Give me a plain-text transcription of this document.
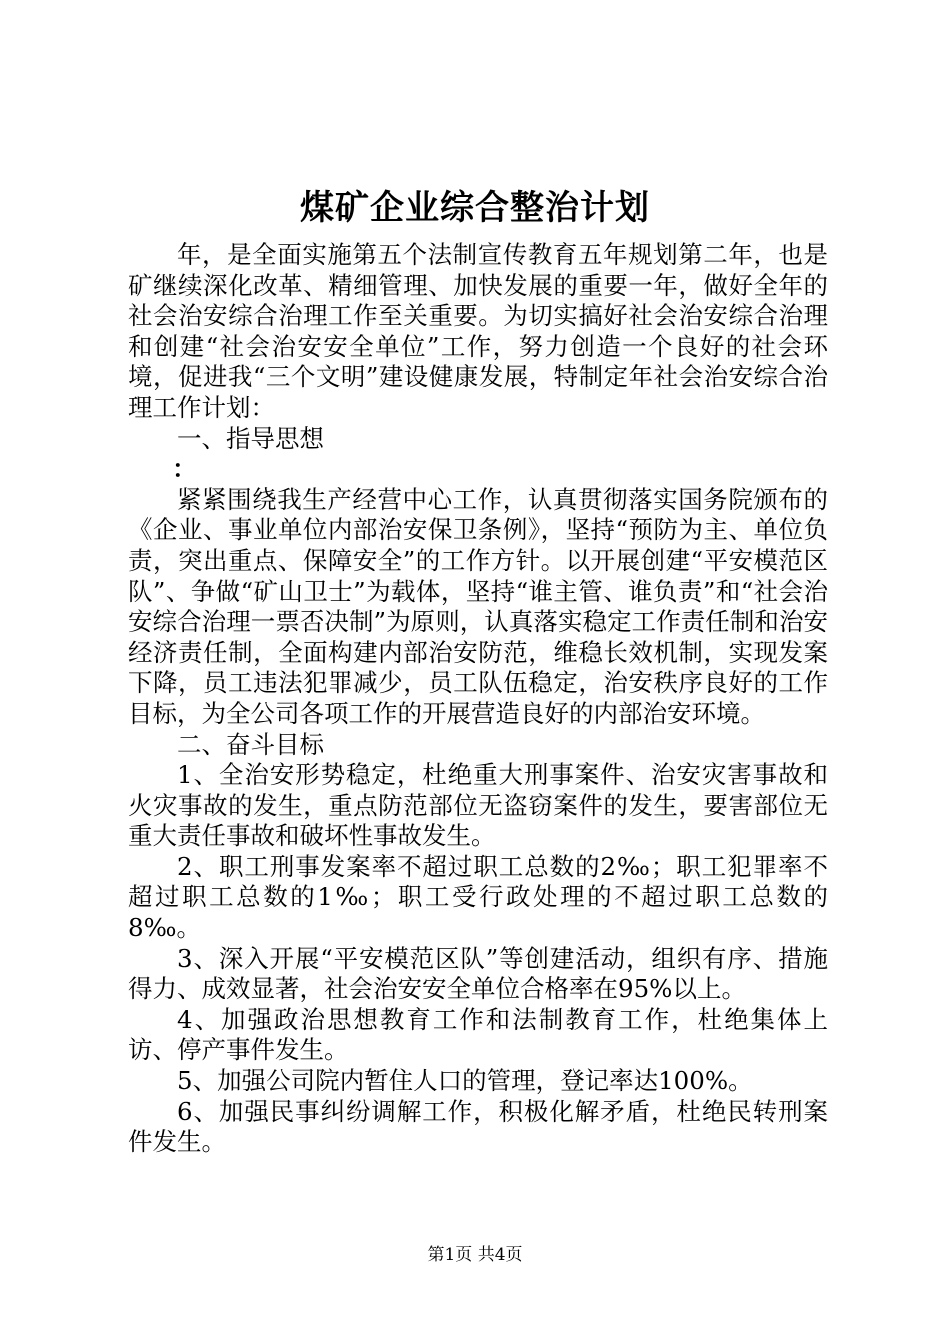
煤矿企业综合整治计划

年，是全面实施第五个法制宣传教育五年规划第二年，也是矿继续深化改革、精细管理、加快发展的重要一年，做好全年的社会治安综合治理工作至关重要。为切实搞好社会治安综合治理和创建“社会治安安全单位”工作，努力创造一个良好的社会环境，促进我“三个文明”建设健康发展，特制定年社会治安综合治理工作计划：

一、指导思想

：

紧紧围绕我生产经营中心工作，认真贯彻落实国务院颁布的《企业、事业单位内部治安保卫条例》，坚持“预防为主、单位负责，突出重点、保障安全”的工作方针。以开展创建“平安模范区队”、争做“矿山卫士”为载体，坚持“谁主管、谁负责”和“社会治安综合治理一票否决制”为原则，认真落实稳定工作责任制和治安经济责任制，全面构建内部治安防范，维稳长效机制，实现发案下降，员工违法犯罪减少，员工队伍稳定，治安秩序良好的工作目标，为全公司各项工作的开展营造良好的内部治安环境。

二、奋斗目标

1、全治安形势稳定，杜绝重大刑事案件、治安灾害事故和火灾事故的发生，重点防范部位无盗窃案件的发生，要害部位无重大责任事故和破坏性事故发生。

2、职工刑事发案率不超过职工总数的2‰；职工犯罪率不超过职工总数的1‰；职工受行政处理的不超过职工总数的8‰。

3、深入开展“平安模范区队”等创建活动，组织有序、措施得力、成效显著，社会治安安全单位合格率在95%以上。

4、加强政治思想教育工作和法制教育工作，杜绝集体上访、停产事件发生。

5、加强公司院内暂住人口的管理，登记率达100%。

6、加强民事纠纷调解工作，积极化解矛盾，杜绝民转刑案件发生。

第1页 共4页
